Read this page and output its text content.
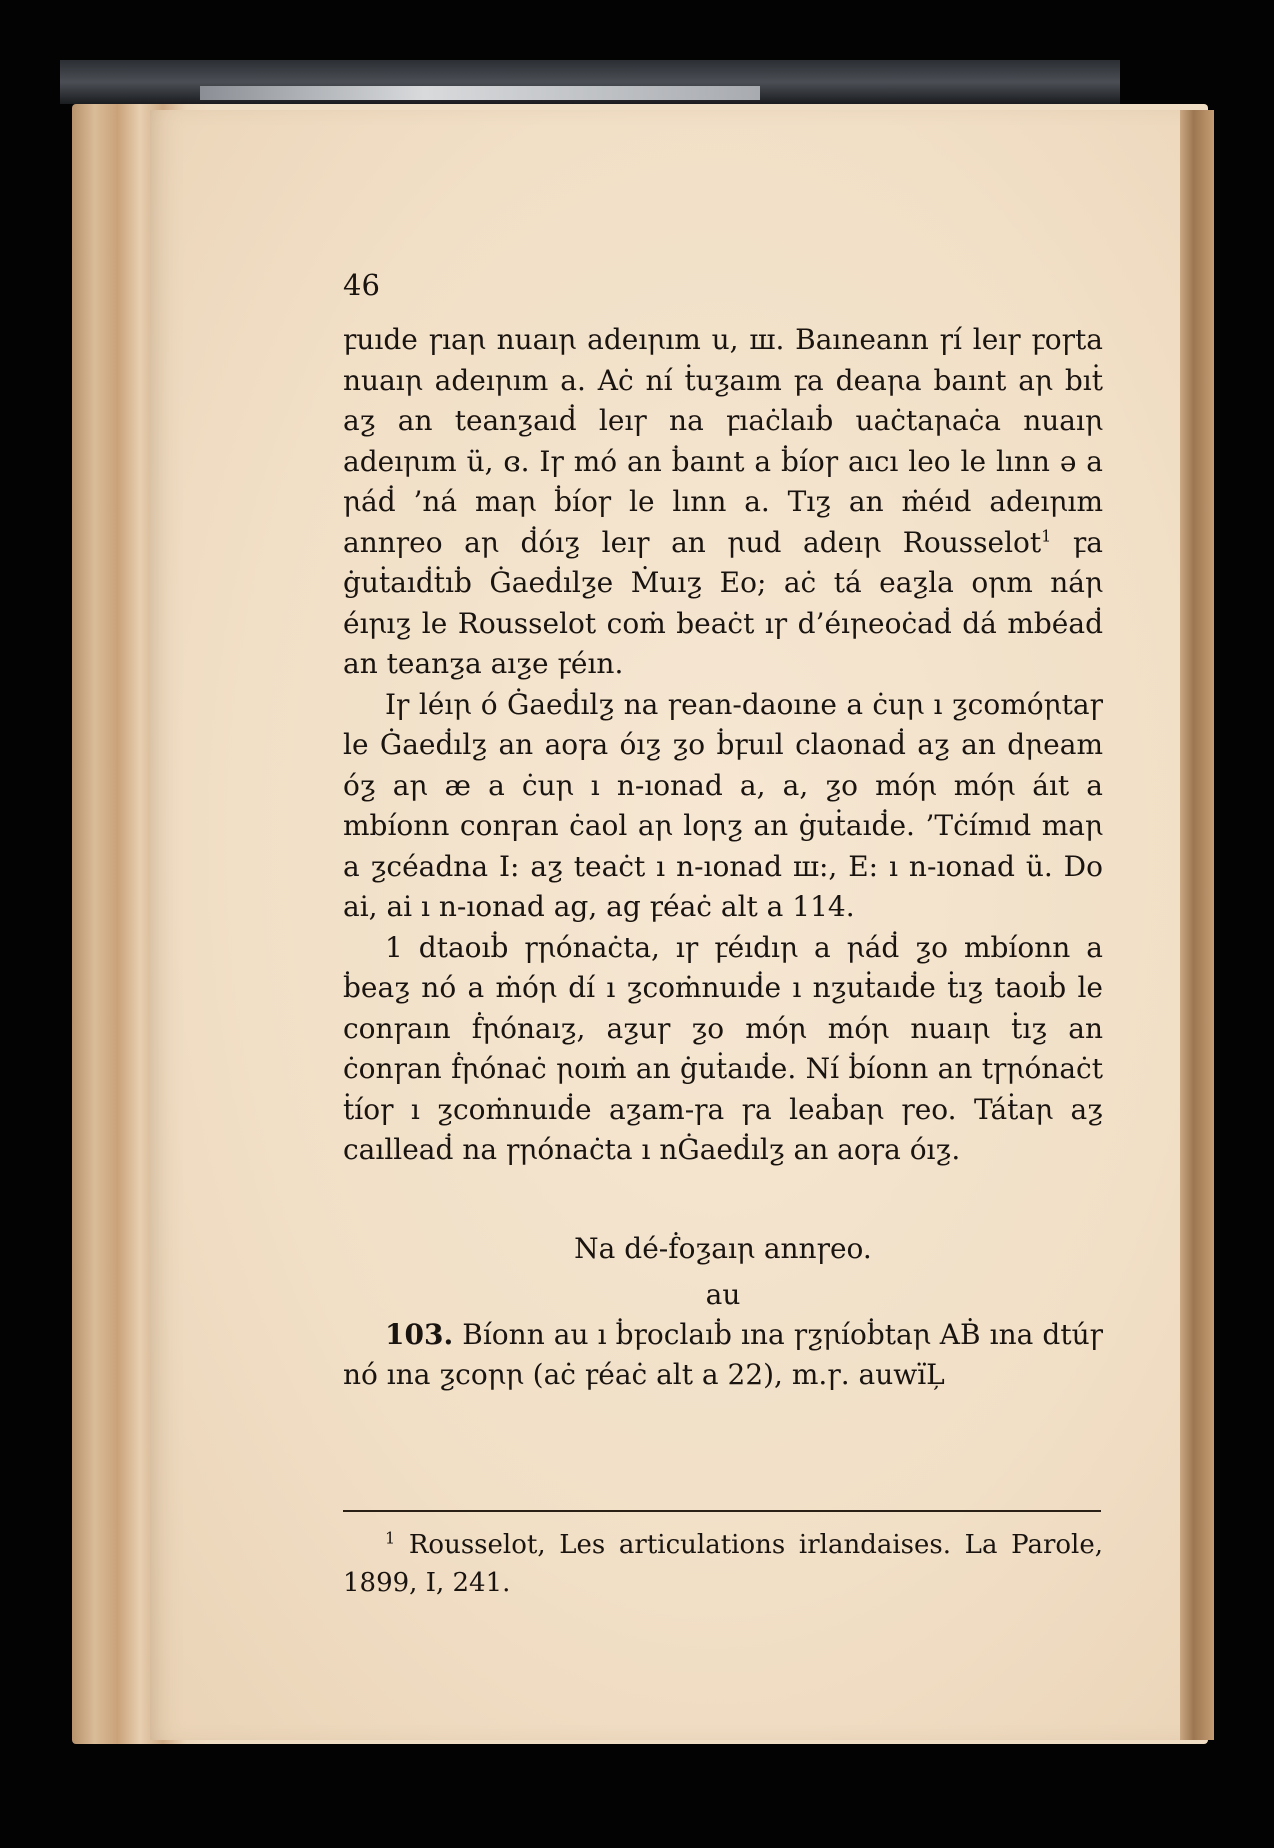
46

ꝼuıde ꞅıaꞃ nuaıꞃ adeıꞃım u, ш. Baıneann ꞅí leıꞅ ꝼoꞅta nuaıꞃ adeıꞃım a. Aċ ní ṫuƺaım ꝼa deaꞃa baınt aꞃ bıṫ aƺ an teanƺaıḋ leıꞅ na ꝼıaċlaıḃ uaċtaꞃaċa nuaıꞃ adeıꞃım ü, ɞ. Iꞅ mó an ḃaınt a ḃíoꞅ aıcı leo le lınn ə a ꞃáḋ ’ná maꞃ ḃíoꞅ le lınn a. Tıƺ an ṁéıd adeıꞃım annꞅeo aꞃ ḋóıƺ leıꞅ an ꞃud adeıꞃ Rousselot$^1$ ꝼa ġuṫaıḋṫıḃ Ġaeḋılƺe Ṁuıƺ Eo; aċ tá eaƺla oꞃm náꞃ éıꞃıƺ le Rousselot coṁ beaċt ıꞅ d’éıꞃeoċaḋ dá mbéaḋ an teanƺa aıƺe ꝼéın.

Iꞅ léıꞃ ó Ġaeḋılƺ na ꞅean-daoıne a ċuꞃ ı ƺcomóꞃtaꞅ le Ġaeḋılƺ an aoꞅa óıƺ ƺo ḃꝼuıl claonaḋ aƺ an dꞃeam óƺ aꞃ æ a ċuꞃ ı n-ıonad a, a, ƺo móꞃ móꞃ áıt a mbíonn conꞅan ċaol aꞃ loꞃƺ an ġuṫaıḋe. ’Tċímıd maꞃ a ƺcéadna I: aƺ teaċt ı n-ıonad ш:, E: ı n-ıonad ü. Do ai, ai ı n-ıonad ag, ag ꝼéaċ alt a 114.

1 dtaoıḃ ꞅꞃónaċta, ıꞅ ꝼéıdıꞃ a ꞃáḋ ƺo mbíonn a ḃeaƺ nó a ṁóꞃ dí ı ƺcoṁnuıḋe ı nƺuṫaıḋe ṫıƺ taoıḃ le conꞅaın ḟꞃónaıƺ, aƺuꞅ ƺo móꞃ móꞃ nuaıꞃ ṫıƺ an ċonꞅan ḟꞃónaċ ꞃoıṁ an ġuṫaıḋe. Ní ḃíonn an tꞅꞃónaċt ṫíoꞅ ı ƺcoṁnuıḋe aƺam-ꞅa ꞅa leaḃaꞃ ꞅeo. Táṫaꞃ aƺ caılleaḋ na ꞅꞃónaċta ı nĠaeḋılƺ an aoꞅa óıƺ.

Na dé-ḟoƺaıꞃ annꞅeo.
au

103. Bíonn au ı ḃꝼoclaıḃ ına ꞅƺꞃíoḃtaꞃ AḂ ına dtúꞅ nó ına ƺcoꞃꞃ (aċ ꝼéaċ alt a 22), m.ꞅ. auwïĻ

$^1$ Rousselot, Les articulations irlandaises. La Parole, 1899, I, 241.
